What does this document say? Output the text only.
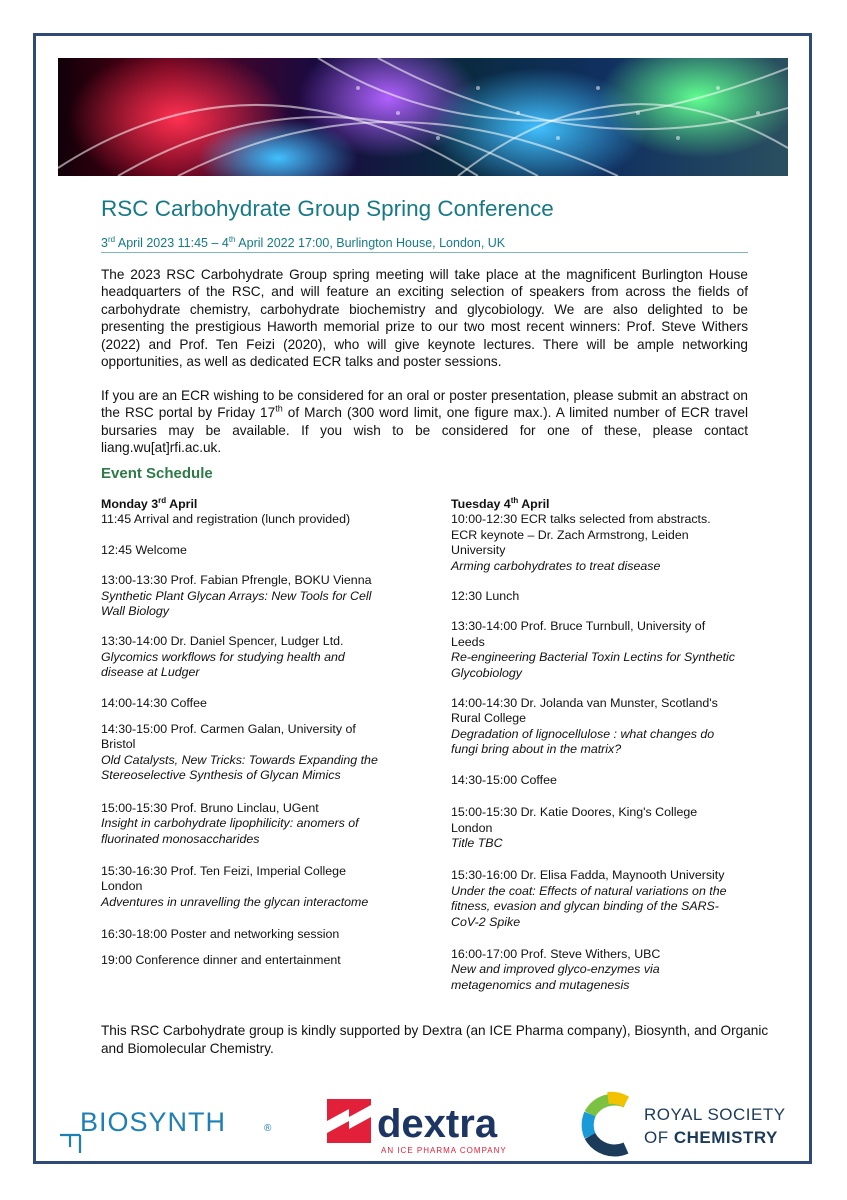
RSC Carbohydrate Group Spring Conference
3rd April 2023 11:45 – 4th April 2022 17:00, Burlington House, London, UK

The 2023 RSC Carbohydrate Group spring meeting will take place at the magnificent Burlington House headquarters of the RSC, and will feature an exciting selection of speakers from across the fields of carbohydrate chemistry, carbohydrate biochemistry and glycobiology. We are also delighted to be presenting the prestigious Haworth memorial prize to our two most recent winners: Prof. Steve Withers (2022) and Prof. Ten Feizi (2020), who will give keynote lectures. There will be ample networking opportunities, as well as dedicated ECR talks and poster sessions.

If you are an ECR wishing to be considered for an oral or poster presentation, please submit an abstract on the RSC portal by Friday 17th of March (300 word limit, one figure max.). A limited number of ECR travel bursaries may be available. If you wish to be considered for one of these, please contact liang.wu[at]rfi.ac.uk.

Event Schedule
Monday 3rd April
11:45 Arrival and registration (lunch provided)
12:45 Welcome
13:00-13:30 Prof. Fabian Pfrengle, BOKU Vienna
Synthetic Plant Glycan Arrays: New Tools for Cell
Wall Biology
13:30-14:00 Dr. Daniel Spencer, Ludger Ltd.
Glycomics workflows for studying health and
disease at Ludger
14:00-14:30 Coffee
14:30-15:00 Prof. Carmen Galan, University of
Bristol
Old Catalysts, New Tricks: Towards Expanding the
Stereoselective Synthesis of Glycan Mimics
15:00-15:30 Prof. Bruno Linclau, UGent
Insight in carbohydrate lipophilicity: anomers of
fluorinated monosaccharides
15:30-16:30 Prof. Ten Feizi, Imperial College
London
Adventures in unravelling the glycan interactome
16:30-18:00 Poster and networking session
19:00 Conference dinner and entertainment
Tuesday 4th April
10:00-12:30 ECR talks selected from abstracts.
ECR keynote – Dr. Zach Armstrong, Leiden
University
Arming carbohydrates to treat disease
12:30 Lunch
13:30-14:00 Prof. Bruce Turnbull, University of
Leeds
Re-engineering Bacterial Toxin Lectins for Synthetic
Glycobiology
14:00-14:30 Dr. Jolanda van Munster, Scotland's
Rural College
Degradation of lignocellulose : what changes do
fungi bring about in the matrix?
14:30-15:00 Coffee
15:00-15:30 Dr. Katie Doores, King's College
London
Title TBC
15:30-16:00 Dr. Elisa Fadda, Maynooth University
Under the coat: Effects of natural variations on the
fitness, evasion and glycan binding of the SARS-
CoV-2 Spike
16:00-17:00 Prof. Steve Withers, UBC
New and improved glyco-enzymes via
metagenomics and mutagenesis

This RSC Carbohydrate group is kindly supported by Dextra (an ICE Pharma company), Biosynth, and Organic and Biomolecular Chemistry.

BIOSYNTH	®	dextra
AN ICE PHARMA COMPANY
ROYAL SOCIETY
OF CHEMISTRY
